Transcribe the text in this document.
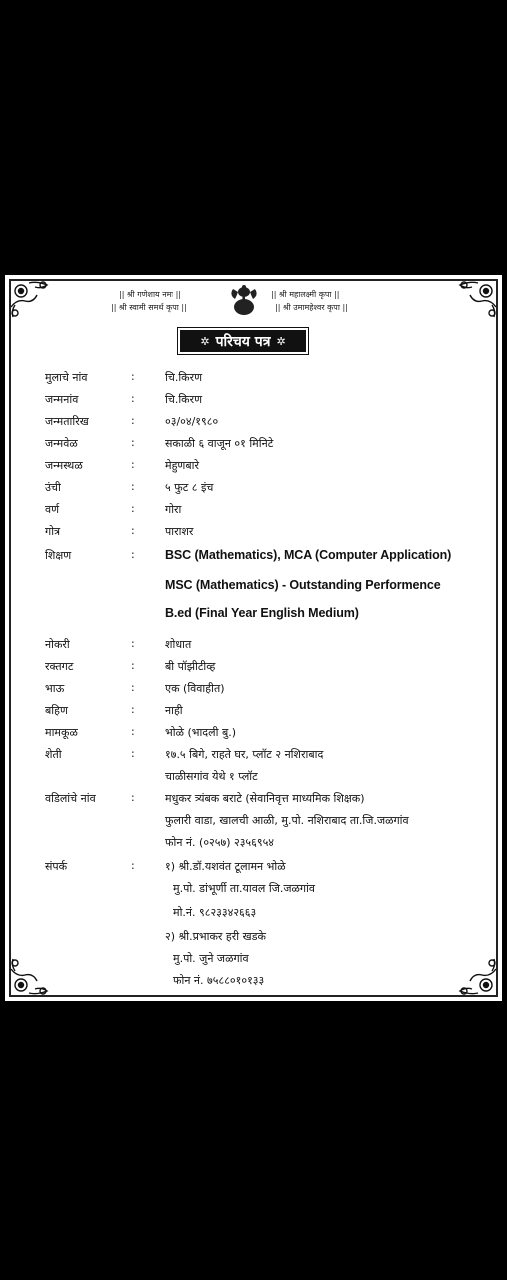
|| श्री गणेशाय नमः ||
|| श्री स्वामी समर्थ कृपा ||
|| श्री महालक्ष्मी कृपा ||
|| श्री उमामहेश्वर कृपा ||
✲ परिचय पत्र ✲
मुलाचे नांव	:	चि.किरण
जन्मनांव	:	चि.किरण
जन्मतारिख	:	०३/०४/१९८०
जन्मवेळ	:	सकाळी ६ वाजून ०१ मिनिटे
जन्मस्थळ	:	मेहुणबारे
उंची	:	५ फुट ८ इंच
वर्ण	:	गोरा
गोत्र	:	पाराशर
शिक्षण	: BSC (Mathematics), MCA (Computer Application)
MSC (Mathematics) - Outstanding Performence
B.ed (Final Year English Medium)
नोकरी	:	शोधात
रक्तगट	:	बी पॉझीटीव्ह
भाऊ	:	एक (विवाहीत)
बहिण	:	नाही
मामकूळ	:	भोळे (भादली बु.)
शेती	:	१७.५ बिगे, राहते घर, प्लॉट २ नशिराबाद
चाळीसगांव येथे १ प्लॉट
वडिलांचे नांव	:	मधुकर त्र्यंबक बराटे (सेवानिवृत्त माध्यमिक शिक्षक)
फुलारी वाडा, खालची आळी, मु.पो. नशिराबाद ता.जि.जळगांव
फोन नं. (०२५७) २३५६९५४
संपर्क	:	१) श्री.डॉ.यशवंत टूलामन भोळे
मु.पो. डांभूर्णी ता.यावल जि.जळगांव
मो.नं. ९८२३३४२६६३
२) श्री.प्रभाकर हरी खडके
मु.पो. जुने जळगांव
फोन नं. ७५८८०१०१३३
